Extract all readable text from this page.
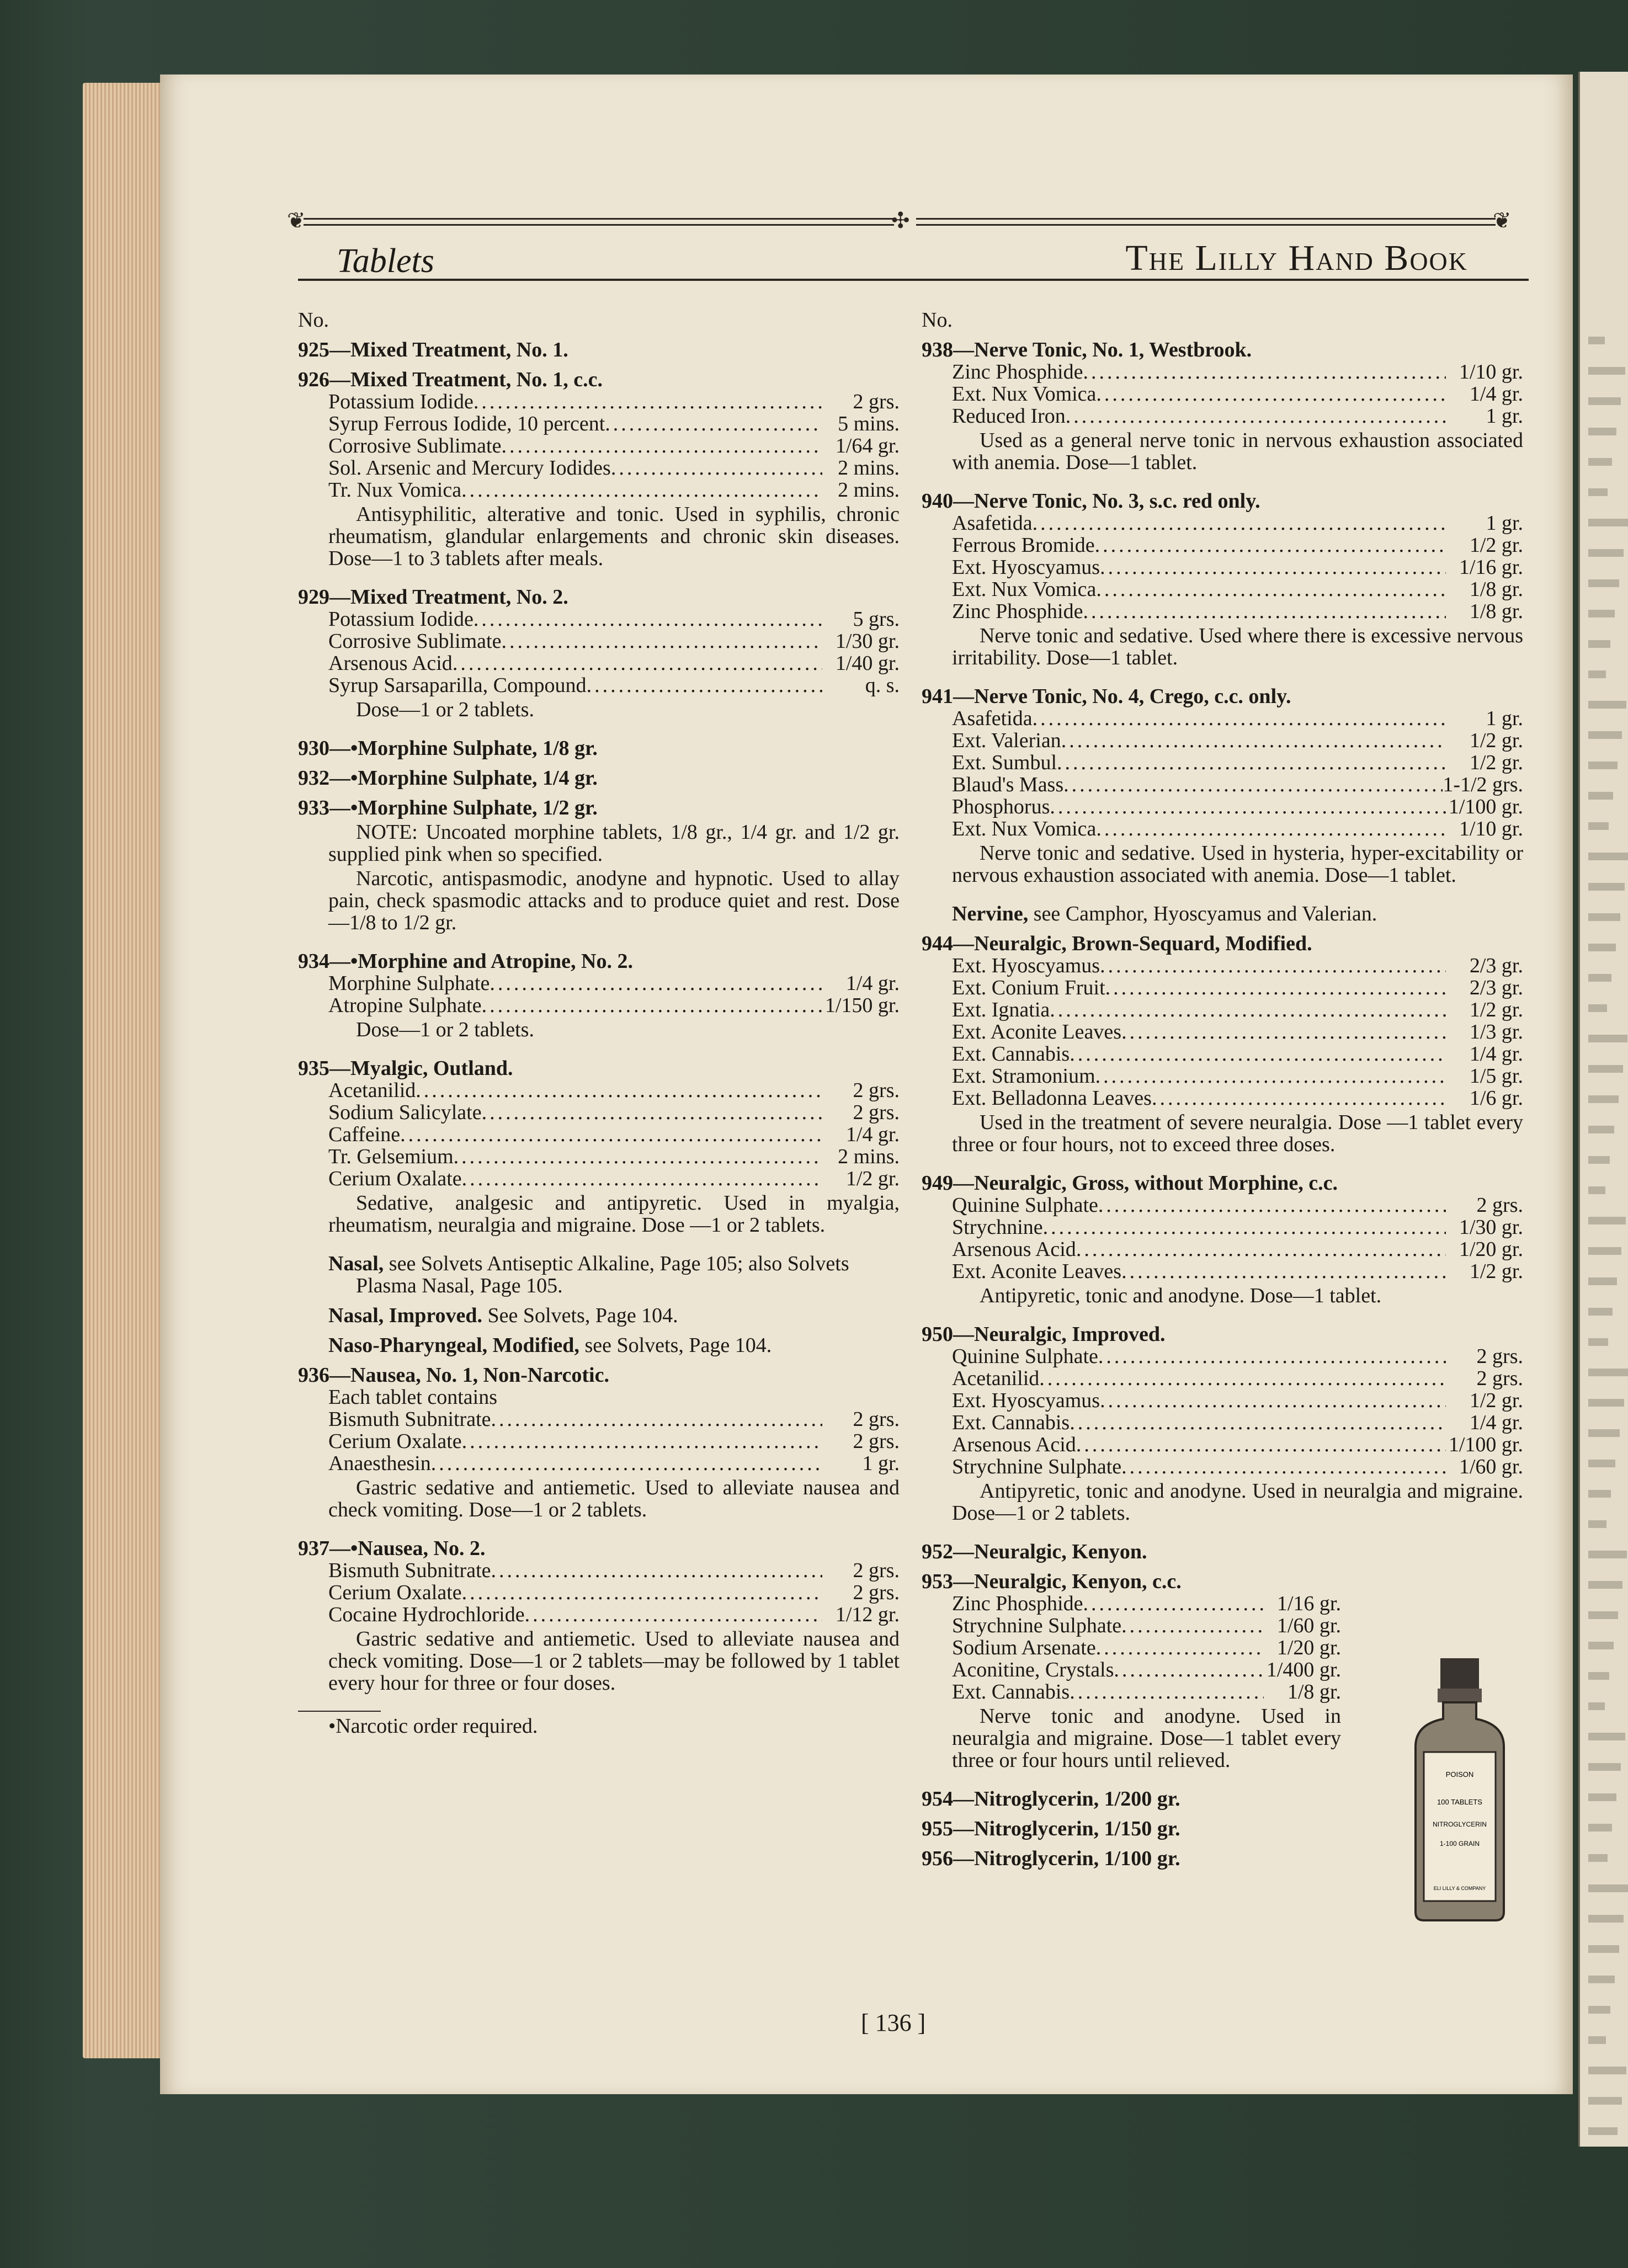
❦	✣	❦
Tablets	The Lilly Hand Book
No.
925—Mixed Treatment, No. 1.
926—Mixed Treatment, No. 1, c.c.
Potassium Iodide .....	2 grs.
Syrup Ferrous Iodide, 10 percent .....	5 mins.
Corrosive Sublimate .....	1/64 gr.
Sol. Arsenic and Mercury Iodides .....	2 mins.
Tr. Nux Vomica .....	2 mins.
Antisyphilitic, alterative and tonic. Used in syphilis, chronic rheumatism, glandular enlargements and chronic skin diseases. Dose—1 to 3 tablets after meals.
929—Mixed Treatment, No. 2.
Potassium Iodide .....	5 grs.
Corrosive Sublimate .....	1/30 gr.
Arsenous Acid .....	1/40 gr.
Syrup Sarsaparilla, Compound .....	q. s.
Dose—1 or 2 tablets.
930—•Morphine Sulphate, 1/8 gr.
932—•Morphine Sulphate, 1/4 gr.
933—•Morphine Sulphate, 1/2 gr.
NOTE: Uncoated morphine tablets, 1/8 gr., 1/4 gr. and 1/2 gr. supplied pink when so specified.
Narcotic, antispasmodic, anodyne and hypnotic. Used to allay pain, check spasmodic attacks and to produce quiet and rest. Dose—1/8 to 1/2 gr.
934—•Morphine and Atropine, No. 2.
Morphine Sulphate .....	1/4 gr.
Atropine Sulphate .....	1/150 gr.
Dose—1 or 2 tablets.
935—Myalgic, Outland.
Acetanilid .....	2 grs.
Sodium Salicylate .....	2 grs.
Caffeine .....	1/4 gr.
Tr. Gelsemium .....	2 mins.
Cerium Oxalate .....	1/2 gr.
Sedative, analgesic and antipyretic. Used in myalgia, rheumatism, neuralgia and migraine. Dose —1 or 2 tablets.
Nasal, see Solvets Antiseptic Alkaline, Page 105; also Solvets Plasma Nasal, Page 105.
Nasal, Improved. See Solvets, Page 104.
Naso-Pharyngeal, Modified, see Solvets, Page 104.
936—Nausea, No. 1, Non-Narcotic.
Each tablet contains
Bismuth Subnitrate .....	2 grs.
Cerium Oxalate .....	2 grs.
Anaesthesin .....	1 gr.
Gastric sedative and antiemetic. Used to alleviate nausea and check vomiting. Dose—1 or 2 tablets.
937—•Nausea, No. 2.
Bismuth Subnitrate .....	2 grs.
Cerium Oxalate .....	2 grs.
Cocaine Hydrochloride .....	1/12 gr.
Gastric sedative and antiemetic. Used to alleviate nausea and check vomiting. Dose—1 or 2 tablets—may be followed by 1 tablet every hour for three or four doses.
•Narcotic order required.
No.
938—Nerve Tonic, No. 1, Westbrook.
Zinc Phosphide .....	1/10 gr.
Ext. Nux Vomica .....	1/4 gr.
Reduced Iron .....	1 gr.
Used as a general nerve tonic in nervous exhaustion associated with anemia. Dose—1 tablet.
940—Nerve Tonic, No. 3, s.c. red only.
Asafetida .....	1 gr.
Ferrous Bromide .....	1/2 gr.
Ext. Hyoscyamus .....	1/16 gr.
Ext. Nux Vomica .....	1/8 gr.
Zinc Phosphide .....	1/8 gr.
Nerve tonic and sedative. Used where there is excessive nervous irritability. Dose—1 tablet.
941—Nerve Tonic, No. 4, Crego, c.c. only.
Asafetida .....	1 gr.
Ext. Valerian .....	1/2 gr.
Ext. Sumbul .....	1/2 gr.
Blaud's Mass .....	1-1/2 grs.
Phosphorus .....	1/100 gr.
Ext. Nux Vomica .....	1/10 gr.
Nerve tonic and sedative. Used in hysteria, hyper-excitability or nervous exhaustion associated with anemia. Dose—1 tablet.
Nervine, see Camphor, Hyoscyamus and Valerian.
944—Neuralgic, Brown-Sequard, Modified.
Ext. Hyoscyamus .....	2/3 gr.
Ext. Conium Fruit .....	2/3 gr.
Ext. Ignatia .....	1/2 gr.
Ext. Aconite Leaves .....	1/3 gr.
Ext. Cannabis .....	1/4 gr.
Ext. Stramonium .....	1/5 gr.
Ext. Belladonna Leaves .....	1/6 gr.
Used in the treatment of severe neuralgia. Dose —1 tablet every three or four hours, not to exceed three doses.
949—Neuralgic, Gross, without Morphine, c.c.
Quinine Sulphate .....	2 grs.
Strychnine .....	1/30 gr.
Arsenous Acid .....	1/20 gr.
Ext. Aconite Leaves .....	1/2 gr.
Antipyretic, tonic and anodyne. Dose—1 tablet.
950—Neuralgic, Improved.
Quinine Sulphate .....	2 grs.
Acetanilid .....	2 grs.
Ext. Hyoscyamus .....	1/2 gr.
Ext. Cannabis .....	1/4 gr.
Arsenous Acid .....	1/100 gr.
Strychnine Sulphate .....	1/60 gr.
Antipyretic, tonic and anodyne. Used in neuralgia and migraine. Dose—1 or 2 tablets.
952—Neuralgic, Kenyon.
953—Neuralgic, Kenyon, c.c.
Zinc Phosphide .....	1/16 gr.
Strychnine Sulphate .....	1/60 gr.
Sodium Arsenate .....	1/20 gr.
Aconitine, Crystals .....	1/400 gr.
Ext. Cannabis .....	1/8 gr.
Nerve tonic and anodyne. Used in neuralgia and migraine. Dose—1 tablet every three or four hours until relieved.
954—Nitroglycerin, 1/200 gr.
955—Nitroglycerin, 1/150 gr.
956—Nitroglycerin, 1/100 gr.
[ 136 ]
POISON
100 TABLETS
NITROGLYCERIN
1-100 GRAIN
ELI LILLY & COMPANY
